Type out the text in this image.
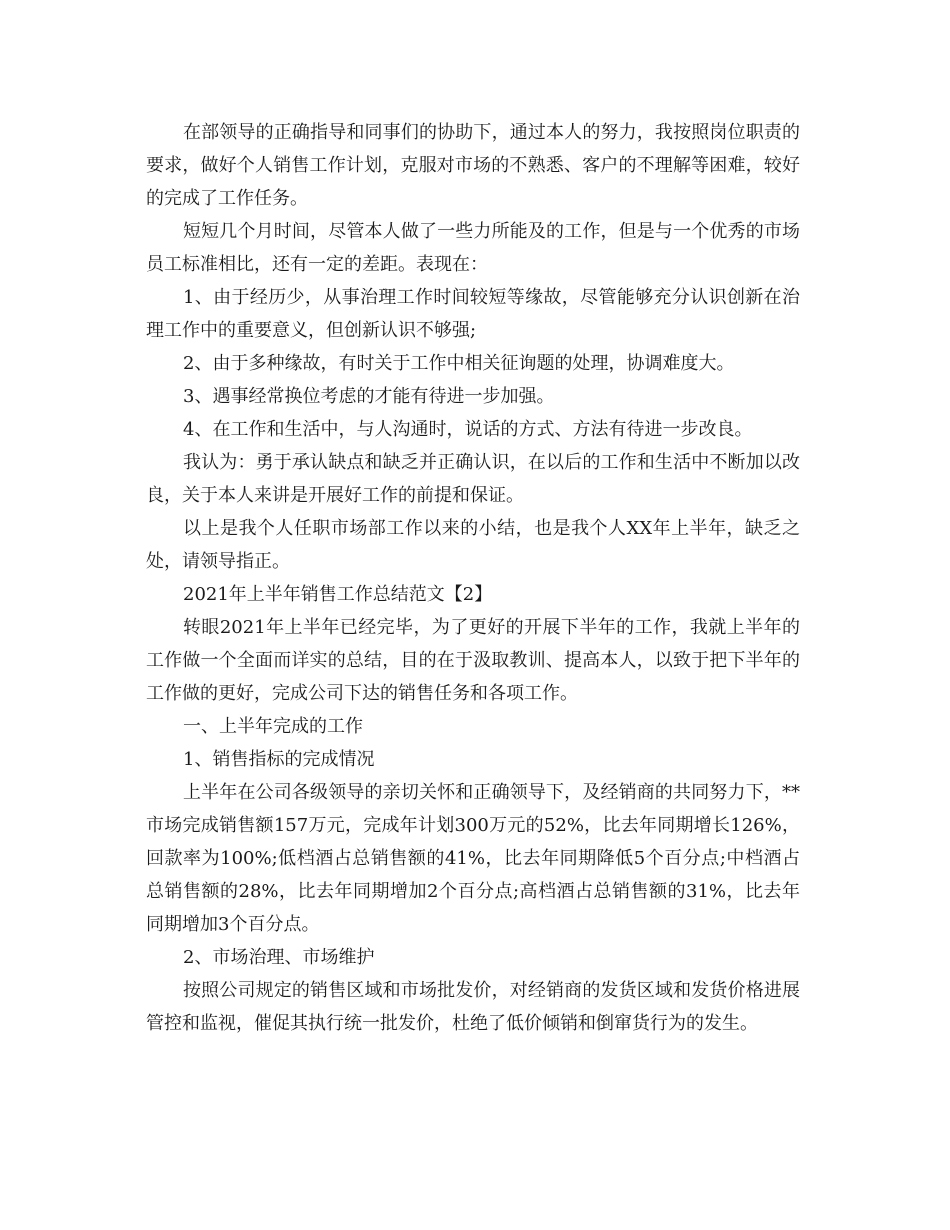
在部领导的正确指导和同事们的协助下，通过本人的努力，我按照岗位职责的要求，做好个人销售工作计划，克服对市场的不熟悉、客户的不理解等困难，较好的完成了工作任务。

短短几个月时间，尽管本人做了一些力所能及的工作，但是与一个优秀的市场员工标准相比，还有一定的差距。表现在：

1、由于经历少，从事治理工作时间较短等缘故，尽管能够充分认识创新在治理工作中的重要意义，但创新认识不够强;

2、由于多种缘故，有时关于工作中相关征询题的处理，协调难度大。

3、遇事经常换位考虑的才能有待进一步加强。

4、在工作和生活中，与人沟通时，说话的方式、方法有待进一步改良。

我认为：勇于承认缺点和缺乏并正确认识，在以后的工作和生活中不断加以改良，关于本人来讲是开展好工作的前提和保证。

以上是我个人任职市场部工作以来的小结，也是我个人XX年上半年，缺乏之处，请领导指正。

2021年上半年销售工作总结范文【2】

转眼2021年上半年已经完毕，为了更好的开展下半年的工作，我就上半年的工作做一个全面而详实的总结，目的在于汲取教训、提高本人，以致于把下半年的工作做的更好，完成公司下达的销售任务和各项工作。

一、上半年完成的工作

1、销售指标的完成情况

上半年在公司各级领导的亲切关怀和正确领导下，及经销商的共同努力下，**市场完成销售额157万元，完成年计划300万元的52%，比去年同期增长126%，回款率为100%;低档酒占总销售额的41%，比去年同期降低5个百分点;中档酒占总销售额的28%，比去年同期增加2个百分点;高档酒占总销售额的31%，比去年同期增加3个百分点。

2、市场治理、市场维护

按照公司规定的销售区域和市场批发价，对经销商的发货区域和发货价格进展管控和监视，催促其执行统一批发价，杜绝了低价倾销和倒窜货行为的发生。
